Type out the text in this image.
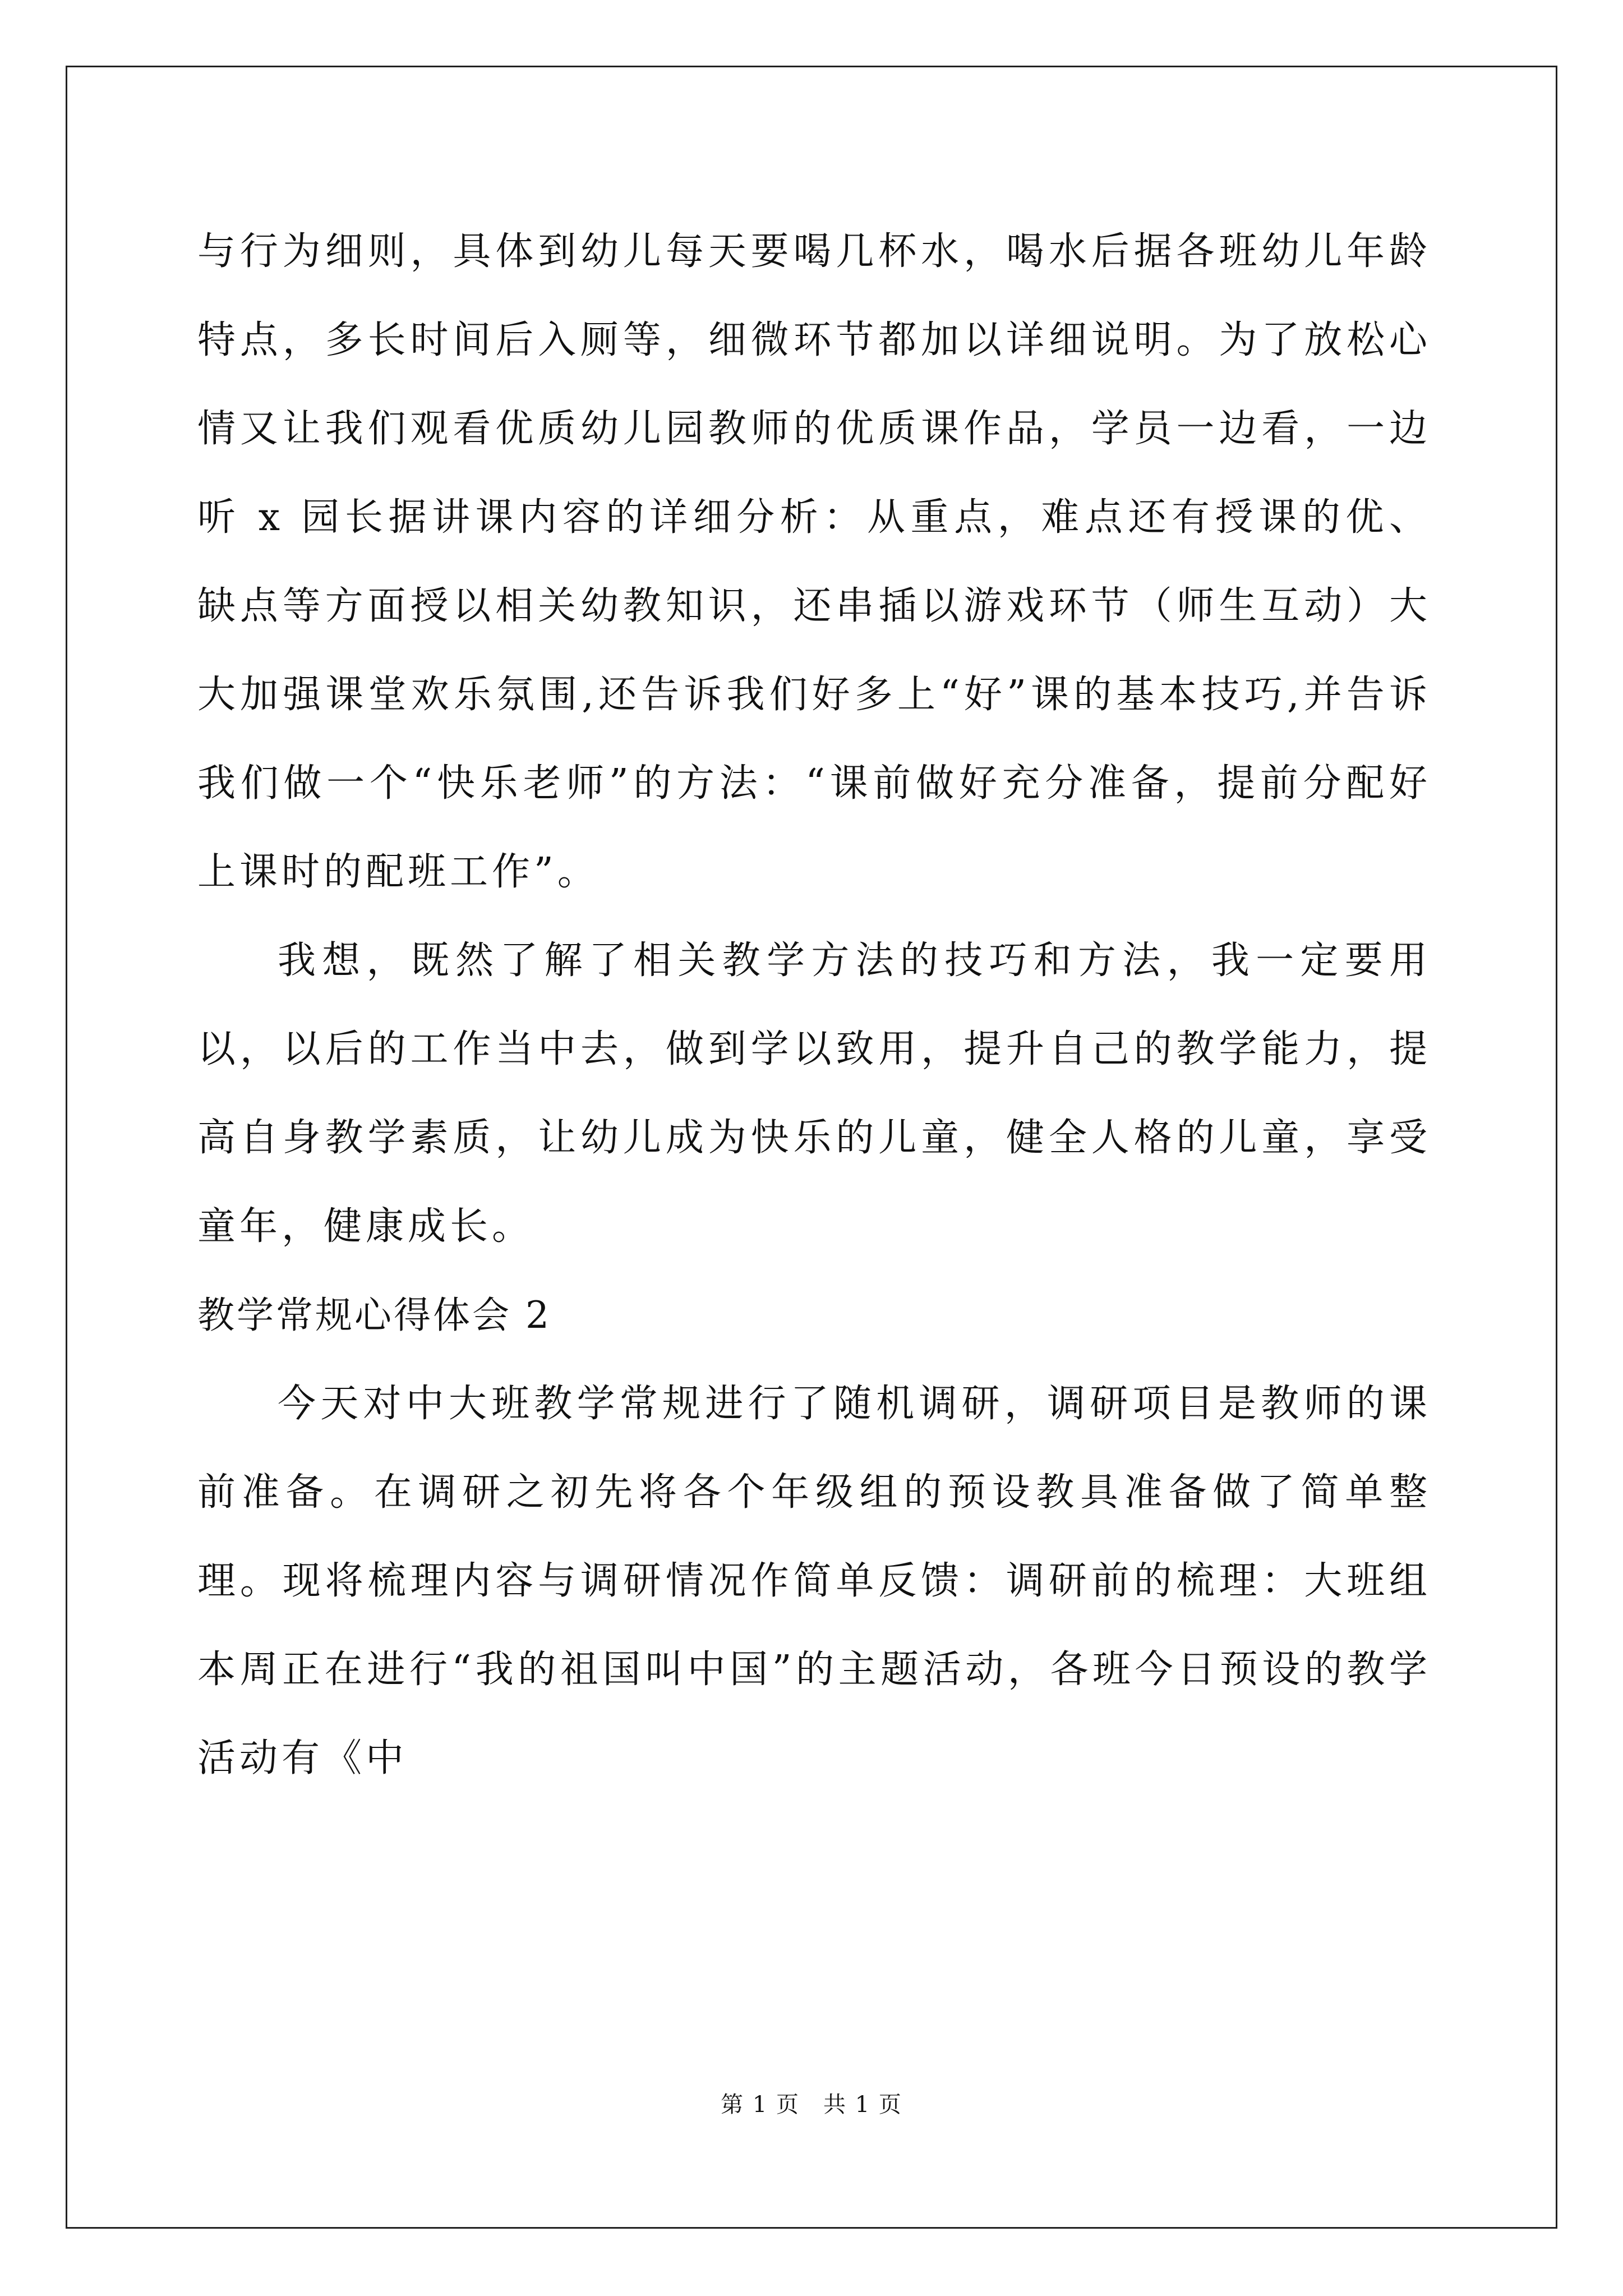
与行为细则，具体到幼儿每天要喝几杯水，喝水后据各班幼儿年龄特点，多长时间后入厕等，细微环节都加以详细说明。为了放松心情又让我们观看优质幼儿园教师的优质课作品，学员一边看，一边听 x 园长据讲课内容的详细分析：从重点，难点还有授课的优、缺点等方面授以相关幼教知识，还串插以游戏环节（师生互动）大大加强课堂欢乐氛围,还告诉我们好多上“好”课的基本技巧,并告诉我们做一个“快乐老师”的方法：“课前做好充分准备，提前分配好上课时的配班工作”。

我想，既然了解了相关教学方法的技巧和方法，我一定要用以，以后的工作当中去，做到学以致用，提升自己的教学能力，提高自身教学素质，让幼儿成为快乐的儿童，健全人格的儿童，享受童年，健康成长。

教学常规心得体会 2

今天对中大班教学常规进行了随机调研，调研项目是教师的课前准备。在调研之初先将各个年级组的预设教具准备做了简单整理。现将梳理内容与调研情况作简单反馈：调研前的梳理：大班组本周正在进行“我的祖国叫中国”的主题活动，各班今日预设的教学活动有《中

第 1 页　共 1 页
